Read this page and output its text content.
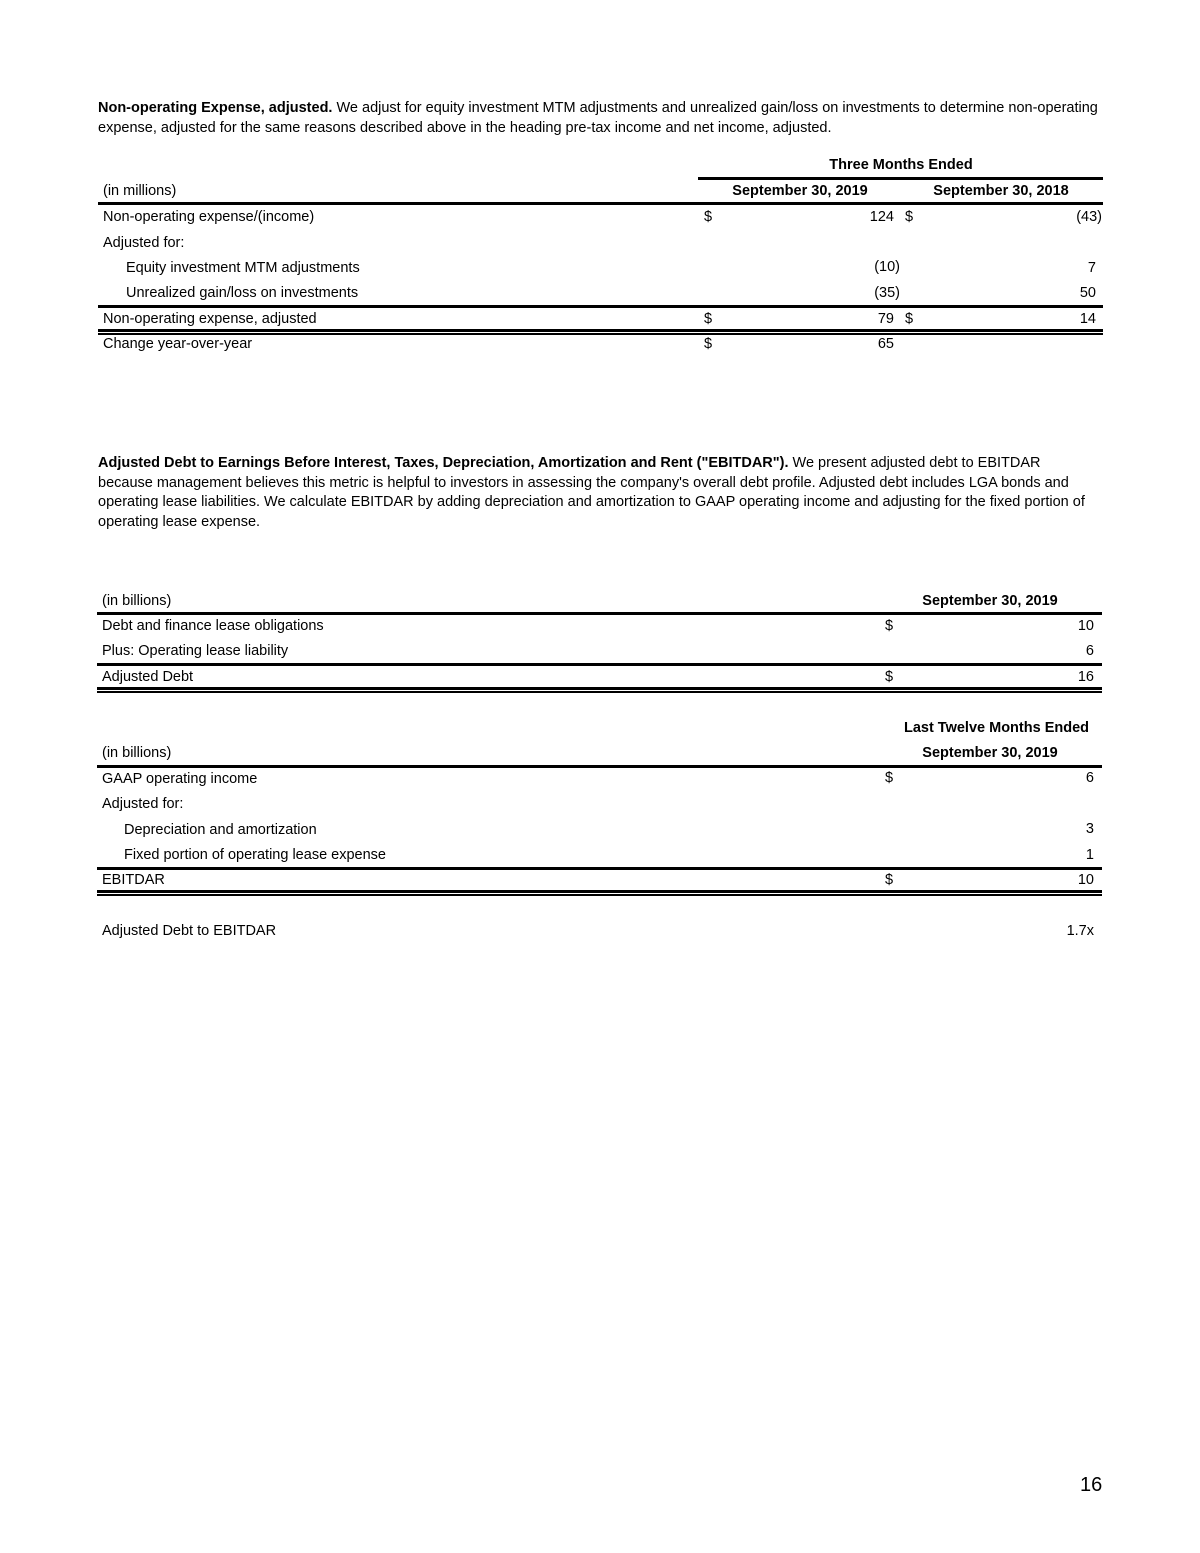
Non-operating Expense, adjusted. We adjust for equity investment MTM adjustments and unrealized gain/loss on investments to determine non-operating expense, adjusted for the same reasons described above in the heading pre-tax income and net income, adjusted.
Three Months Ended
(in millions)	September 30, 2019	September 30, 2018
Non-operating expense/(income)	$	124 $	(43)
Adjusted for:
Equity investment MTM adjustments	(10)	7
Unrealized gain/loss on investments	(35)	50
Non-operating expense, adjusted	$	79 $	14
Change year-over-year	$	65
Adjusted Debt to Earnings Before Interest, Taxes, Depreciation, Amortization and Rent ("EBITDAR"). We present adjusted debt to EBITDAR because management believes this metric is helpful to investors in assessing the company's overall debt profile. Adjusted debt includes LGA bonds and operating lease liabilities. We calculate EBITDAR by adding depreciation and amortization to GAAP operating income and adjusting for the fixed portion of operating lease expense.
(in billions)	September 30, 2019
Debt and finance lease obligations	$	10
Plus: Operating lease liability	6
Adjusted Debt	$	16
Last Twelve Months Ended
(in billions)	September 30, 2019
GAAP operating income	$	6
Adjusted for:
Depreciation and amortization	3
Fixed portion of operating lease expense	1
EBITDAR	$	10
Adjusted Debt to EBITDAR	1.7x
16
